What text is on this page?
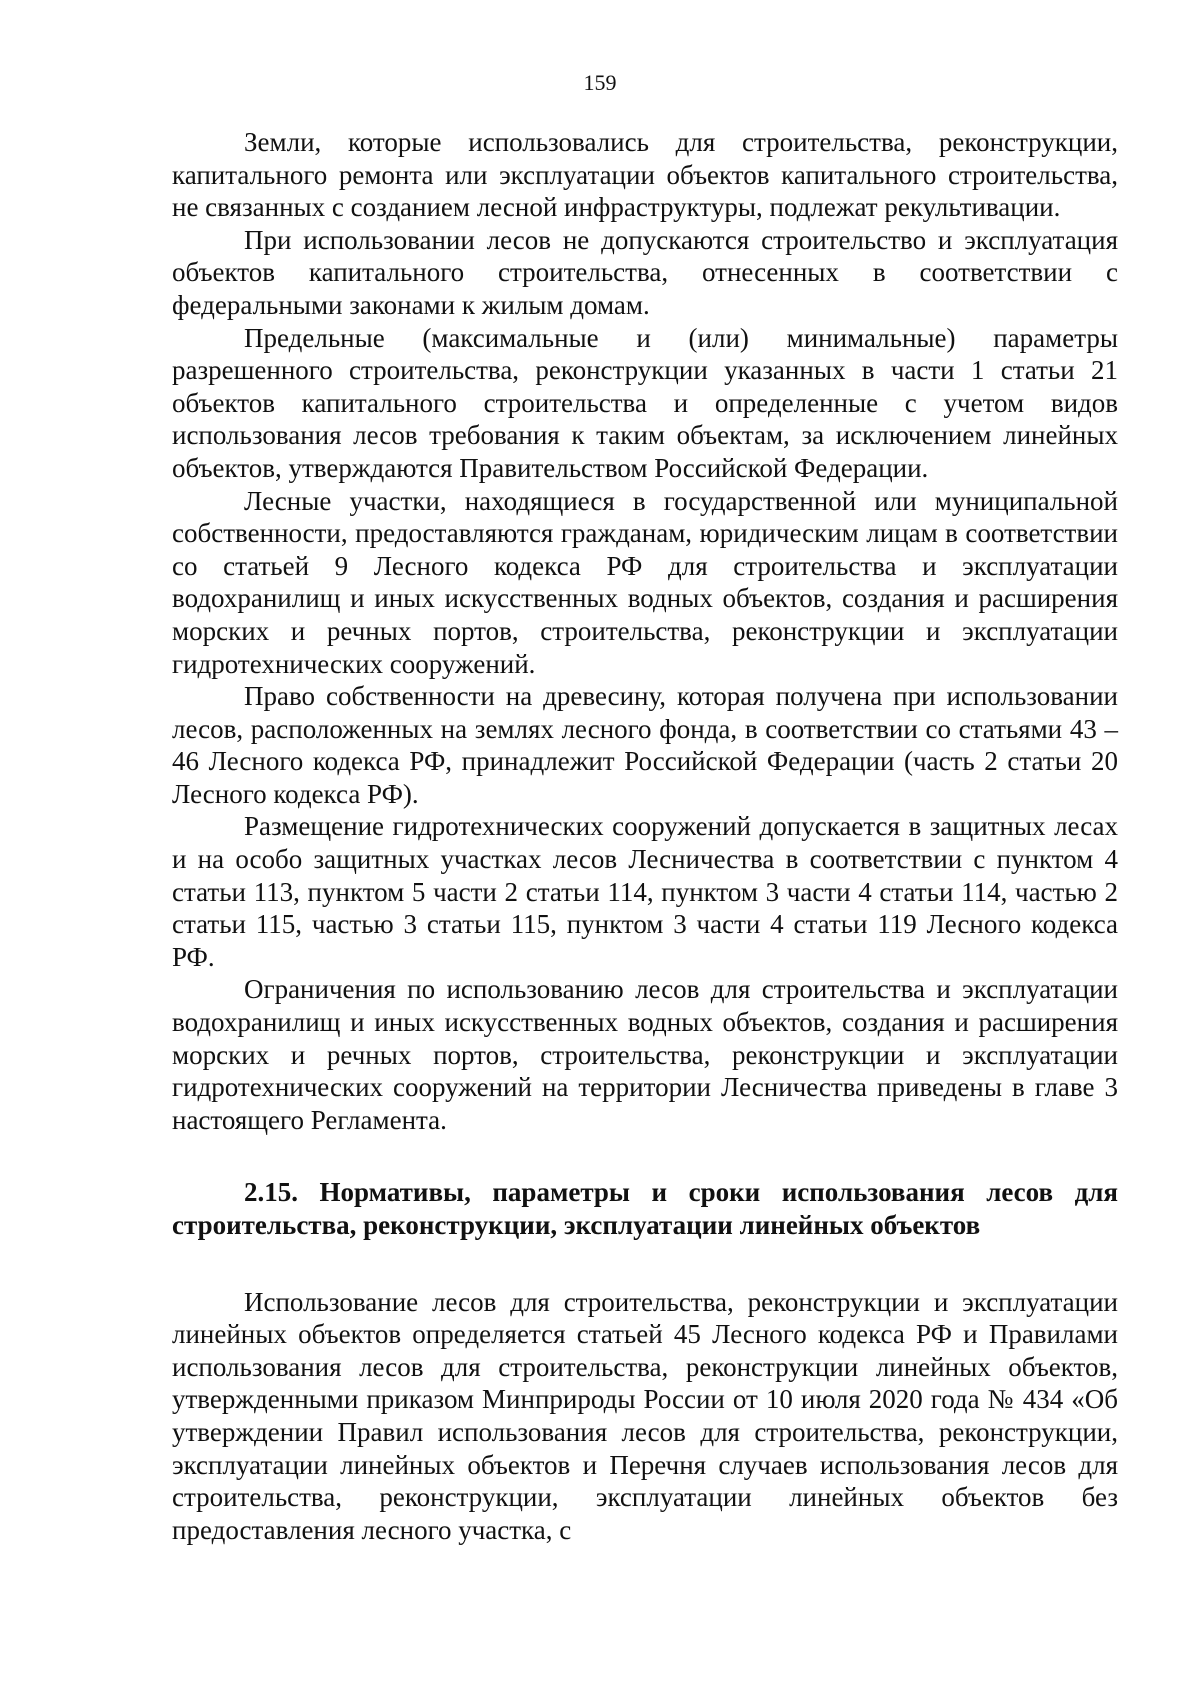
159

Земли, которые использовались для строительства, реконструкции, капитального ремонта или эксплуатации объектов капитального строительства, не связанных с созданием лесной инфраструктуры, подлежат рекультивации.

При использовании лесов не допускаются строительство и эксплуатация объектов капитального строительства, отнесенных в соответствии с федеральными законами к жилым домам.

Предельные (максимальные и (или) минимальные) параметры разрешенного строительства, реконструкции указанных в части 1 статьи 21 объектов капитального строительства и определенные с учетом видов использования лесов требования к таким объектам, за исключением линейных объектов, утверждаются Правительством Российской Федерации.

Лесные участки, находящиеся в государственной или муниципальной собственности, предоставляются гражданам, юридическим лицам в соответствии со статьей 9 Лесного кодекса РФ для строительства и эксплуатации водохранилищ и иных искусственных водных объектов, создания и расширения морских и речных портов, строительства, реконструкции и эксплуатации гидротехнических сооружений.

Право собственности на древесину, которая получена при использовании лесов, расположенных на землях лесного фонда, в соответствии со статьями 43 – 46 Лесного кодекса РФ, принадлежит Российской Федерации (часть 2 статьи 20 Лесного кодекса РФ).

Размещение гидротехнических сооружений допускается в защитных лесах и на особо защитных участках лесов Лесничества в соответствии с пунктом 4 статьи 113, пунктом 5 части 2 статьи 114, пунктом 3 части 4 статьи 114, частью 2 статьи 115, частью 3 статьи 115, пунктом 3 части 4 статьи 119 Лесного кодекса РФ.

Ограничения по использованию лесов для строительства и эксплуатации водохранилищ и иных искусственных водных объектов, создания и расширения морских и речных портов, строительства, реконструкции и эксплуатации гидротехнических сооружений на территории Лесничества приведены в главе 3 настоящего Регламента.

2.15. Нормативы, параметры и сроки использования лесов для строительства, реконструкции, эксплуатации линейных объектов

Использование лесов для строительства, реконструкции и эксплуатации линейных объектов определяется статьей 45 Лесного кодекса РФ и Правилами использования лесов для строительства, реконструкции линейных объектов, утвержденными приказом Минприроды России от 10 июля 2020 года № 434 «Об утверждении Правил использования лесов для строительства, реконструкции, эксплуатации линейных объектов и Перечня случаев использования лесов для строительства, реконструкции, эксплуатации линейных объектов без предоставления лесного участка, с
